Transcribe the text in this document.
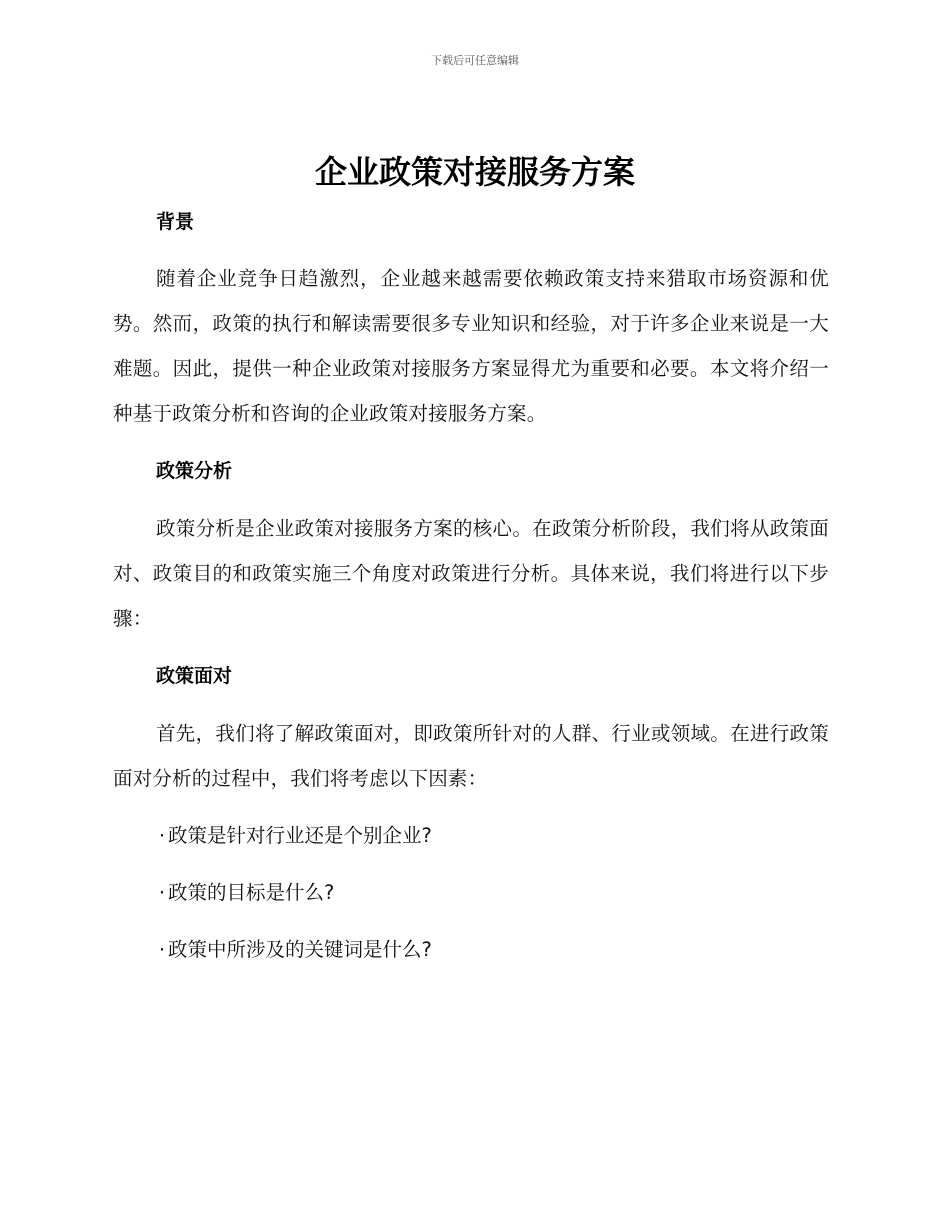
下载后可任意编辑
企业政策对接服务方案
背景

随着企业竞争日趋激烈，企业越来越需要依赖政策支持来猎取市场资源和优势。然而，政策的执行和解读需要很多专业知识和经验，对于许多企业来说是一大难题。因此，提供一种企业政策对接服务方案显得尤为重要和必要。本文将介绍一种基于政策分析和咨询的企业政策对接服务方案。

政策分析

政策分析是企业政策对接服务方案的核心。在政策分析阶段，我们将从政策面对、政策目的和政策实施三个角度对政策进行分析。具体来说，我们将进行以下步骤：

政策面对

首先，我们将了解政策面对，即政策所针对的人群、行业或领域。在进行政策面对分析的过程中，我们将考虑以下因素：

· 政策是针对行业还是个别企业?
· 政策的目标是什么?
· 政策中所涉及的关键词是什么?
